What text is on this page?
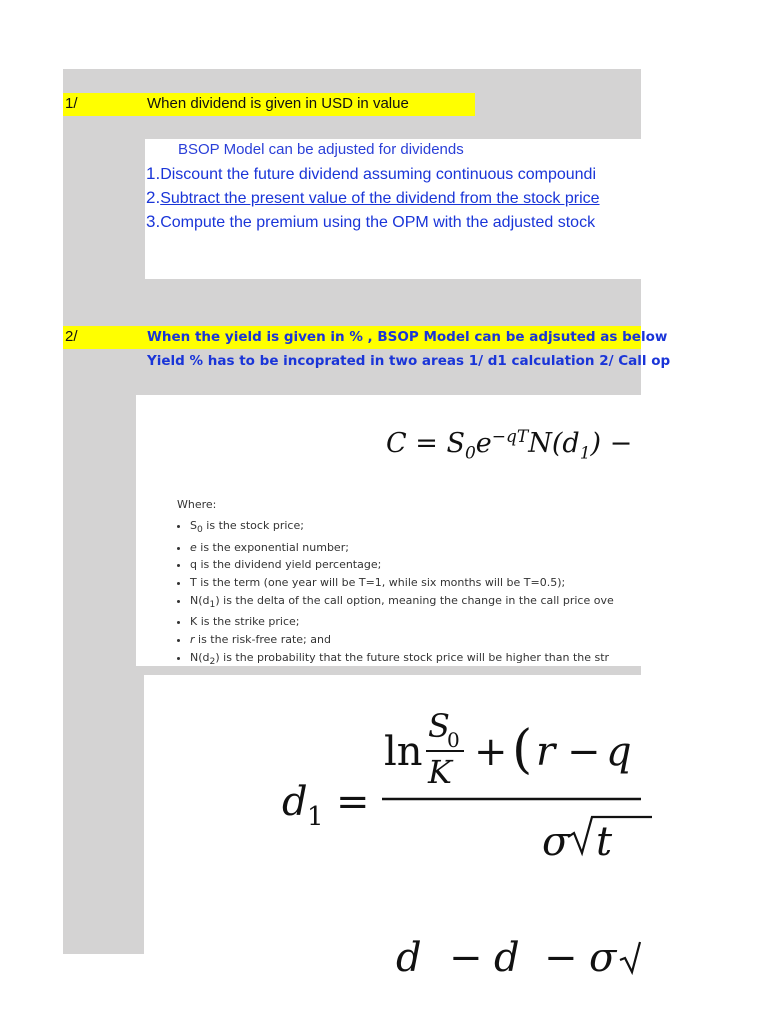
1/	When dividend is given in USD in value
BSOP Model can be adjusted for dividends
1.Discount the future dividend assuming continuous compoundi
2.Subtract the present value of the dividend from the stock price
3.Compute the premium using the OPM with the adjusted stock
2/	When the yield is given in % , BSOP Model can be adjsuted as below
Yield % has to be incoprated in two areas 1/ d1 calculation 2/ Call op
$C = S_0e^{-qT}N(d_1)$ −
Where:
• $S_0$ is the stock price;
• e is the exponential number;
• q is the dividend yield percentage;
• T is the term (one year will be T=1, while six months will be T=0.5);
• $N(d_1)$ is the delta of the call option, meaning the change in the call price ove
• K is the strike price;
• r is the risk-free rate; and
• $N(d_2)$ is the probability that the future stock price will be higher than the str
d 1 =
ln
S
0
K + ( r − q
σ t
d − d − σ
